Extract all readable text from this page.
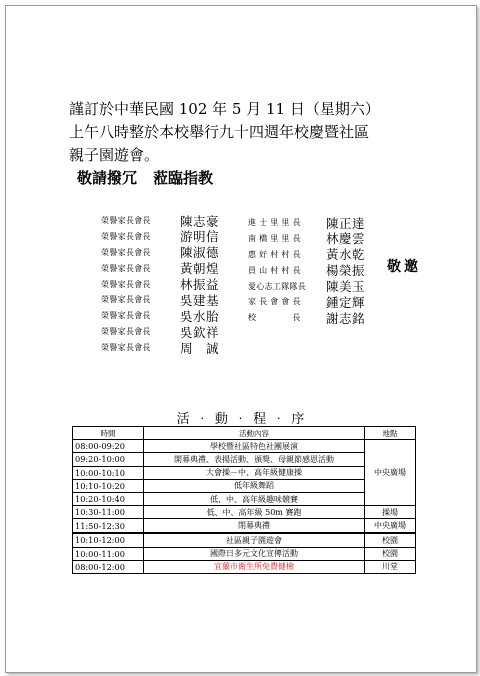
謹訂於中華民國 102 年 5 月 11 日（星期六）
上午八時整於本校舉行九十四週年校慶暨社區
親子園遊會。
敬請撥冗 蒞臨指教
榮譽家長會長 陳志豪
榮譽家長會長 游明信
榮譽家長會長 陳淑德
榮譽家長會長 黃朝煌
榮譽家長會長 林振益
榮譽家長會長 吳建基
榮譽家長會長 吳水胎
榮譽家長會長 吳欽祥
榮譽家長會長 周　誠
進 士 里 里 長 陳正達
南 橋 里 里 長 林慶雲
惠 好 村 村 長 黃水乾
員 山 村 村 長 楊榮振
愛心志工隊隊長 陳美玉
家 長 會 會 長 鍾定輝
校　　　　 長 謝志銘
敬邀
活 ‧ 動 ‧ 程 ‧ 序
時間	活動內容	地點
08:00-09:20	學校暨社區特色社團展演	中央廣場
09:20-10:00	開幕典禮、表揚活動、頒獎、母親節感恩活動	
10:00-10:10	大會操－中、高年級健康操	
10:10-10:20	低年級舞蹈	
10:20-10:40	低、中、高年級趣味競賽	
10:30-11:00	低、中、高年級 50m 賽跑	操場
11:50-12:30	閉幕典禮	中央廣場
10:10-12:00	社區親子園遊會	校園
10:00-11:00	國際日多元文化宣傳活動	校園
08:00-12:00	宜蘭市衛生所免費健檢	川堂
